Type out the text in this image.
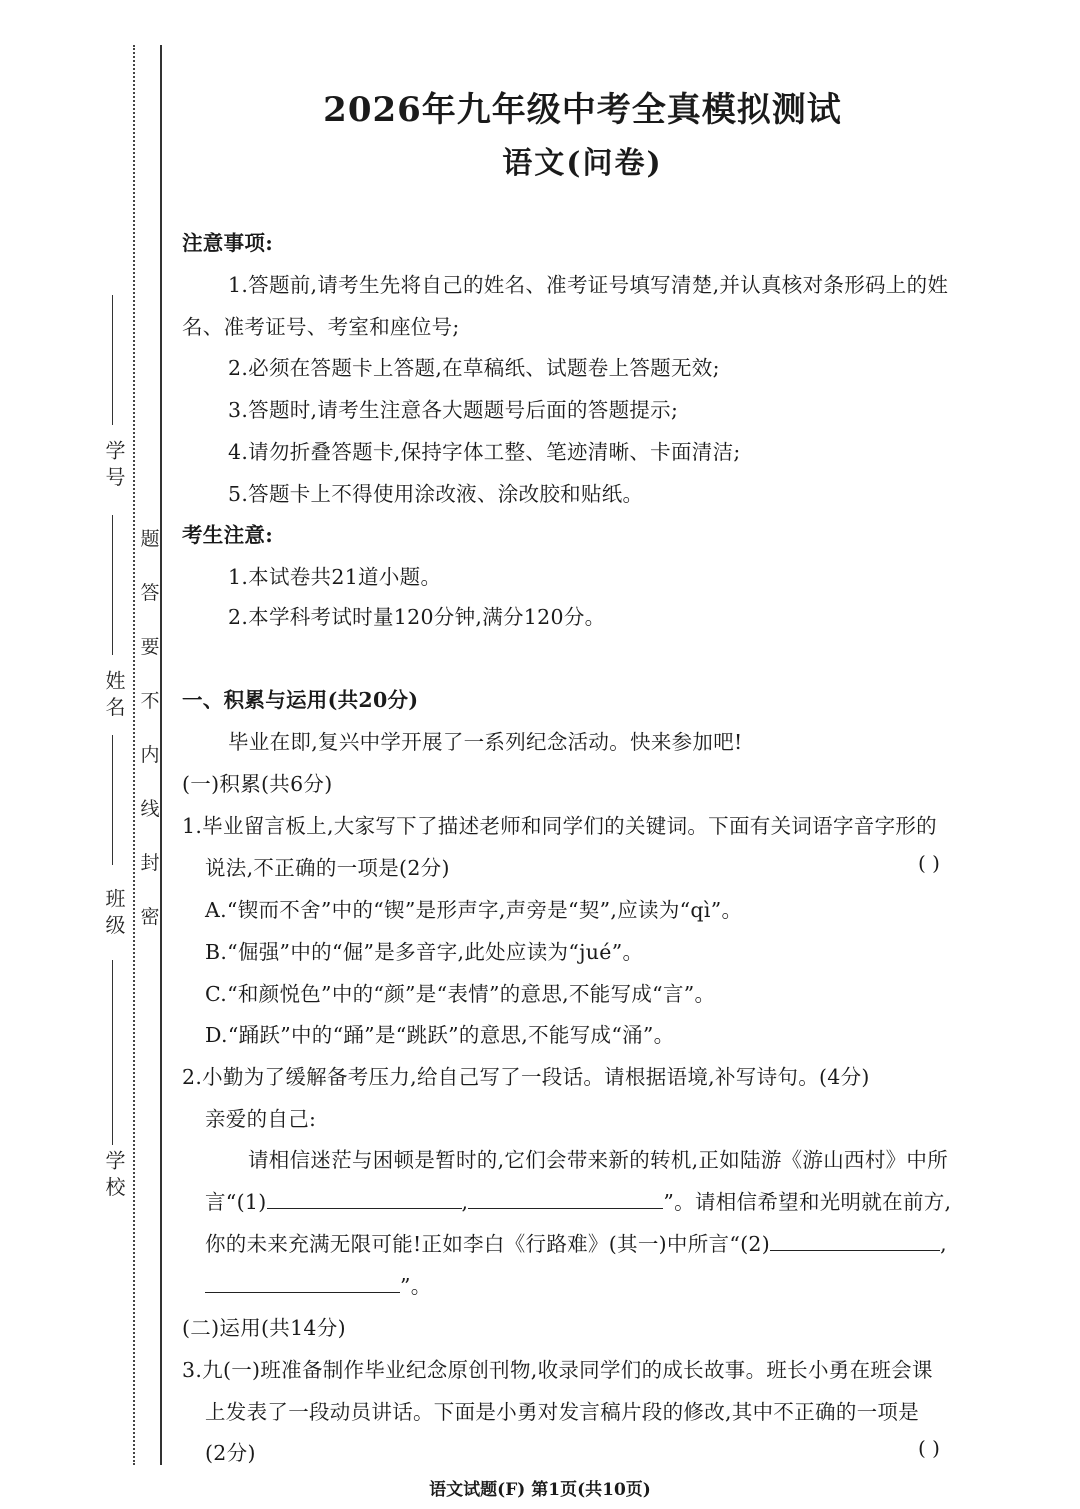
学 号
姓 名
班 级
学 校
题
答
要
不
内
线
封
密
2026年九年级中考全真模拟测试
语文(问卷)
注意事项:
1.答题前,请考生先将自己的姓名、准考证号填写清楚,并认真核对条形码上的姓
名、准考证号、考室和座位号;
2.必须在答题卡上答题,在草稿纸、试题卷上答题无效;
3.答题时,请考生注意各大题题号后面的答题提示;
4.请勿折叠答题卡,保持字体工整、笔迹清晰、卡面清洁;
5.答题卡上不得使用涂改液、涂改胶和贴纸。
考生注意:
1.本试卷共21道小题。
2.本学科考试时量120分钟,满分120分。
一、积累与运用(共20分)
毕业在即,复兴中学开展了一系列纪念活动。快来参加吧!
(一)积累(共6分)
1.毕业留言板上,大家写下了描述老师和同学们的关键词。下面有关词语字音字形的
说法,不正确的一项是(2分)	( )
A.“锲而不舍”中的“锲”是形声字,声旁是“契”,应读为“qì”。
B.“倔强”中的“倔”是多音字,此处应读为“jué”。
C.“和颜悦色”中的“颜”是“表情”的意思,不能写成“言”。
D.“踊跃”中的“踊”是“跳跃”的意思,不能写成“涌”。
2.小勤为了缓解备考压力,给自己写了一段话。请根据语境,补写诗句。(4分)
亲爱的自己:
请相信迷茫与困顿是暂时的,它们会带来新的转机,正如陆游《游山西村》中所
言“(1)	,	”。请相信希望和光明就在前方,
你的未来充满无限可能!正如李白《行路难》(其一)中所言“(2)	,
”。
(二)运用(共14分)
3.九(一)班准备制作毕业纪念原创刊物,收录同学们的成长故事。班长小勇在班会课
上发表了一段动员讲话。下面是小勇对发言稿片段的修改,其中不正确的一项是
(2分)	( )
语文试题(F) 第1页(共10页)
